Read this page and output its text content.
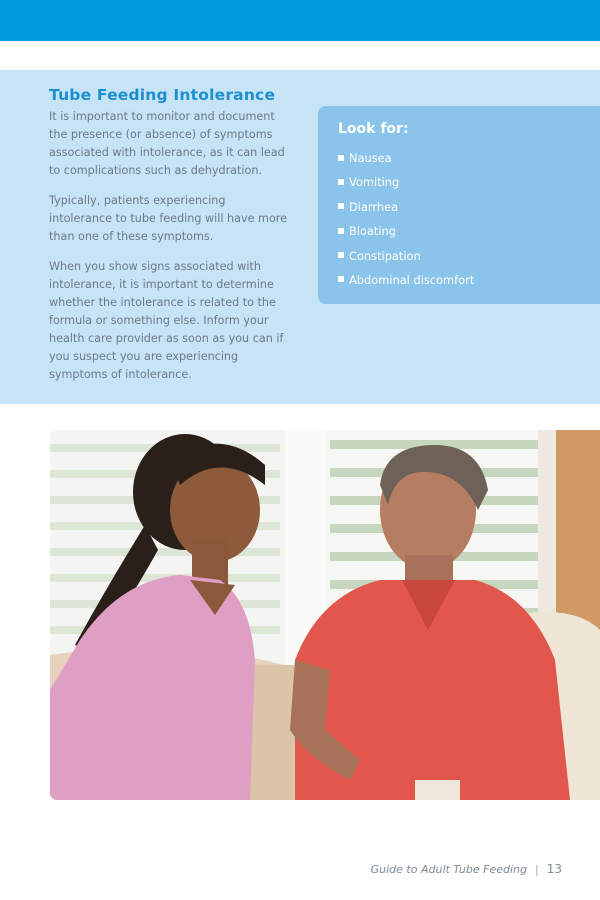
Tube Feeding Intolerance

It is important to monitor and document the presence (or absence) of symptoms associated with intolerance, as it can lead to complications such as dehydration.

Typically, patients experiencing intolerance to tube feeding will have more than one of these symptoms.

When you show signs associated with intolerance, it is important to determine whether the intolerance is related to the formula or something else. Inform your health care provider as soon as you can if you suspect you are experiencing symptoms of intolerance.

Look for:
Nausea
Vomiting
Diarrhea
Bloating
Constipation
Abdominal discomfort
Guide to Adult Tube Feeding | 13
